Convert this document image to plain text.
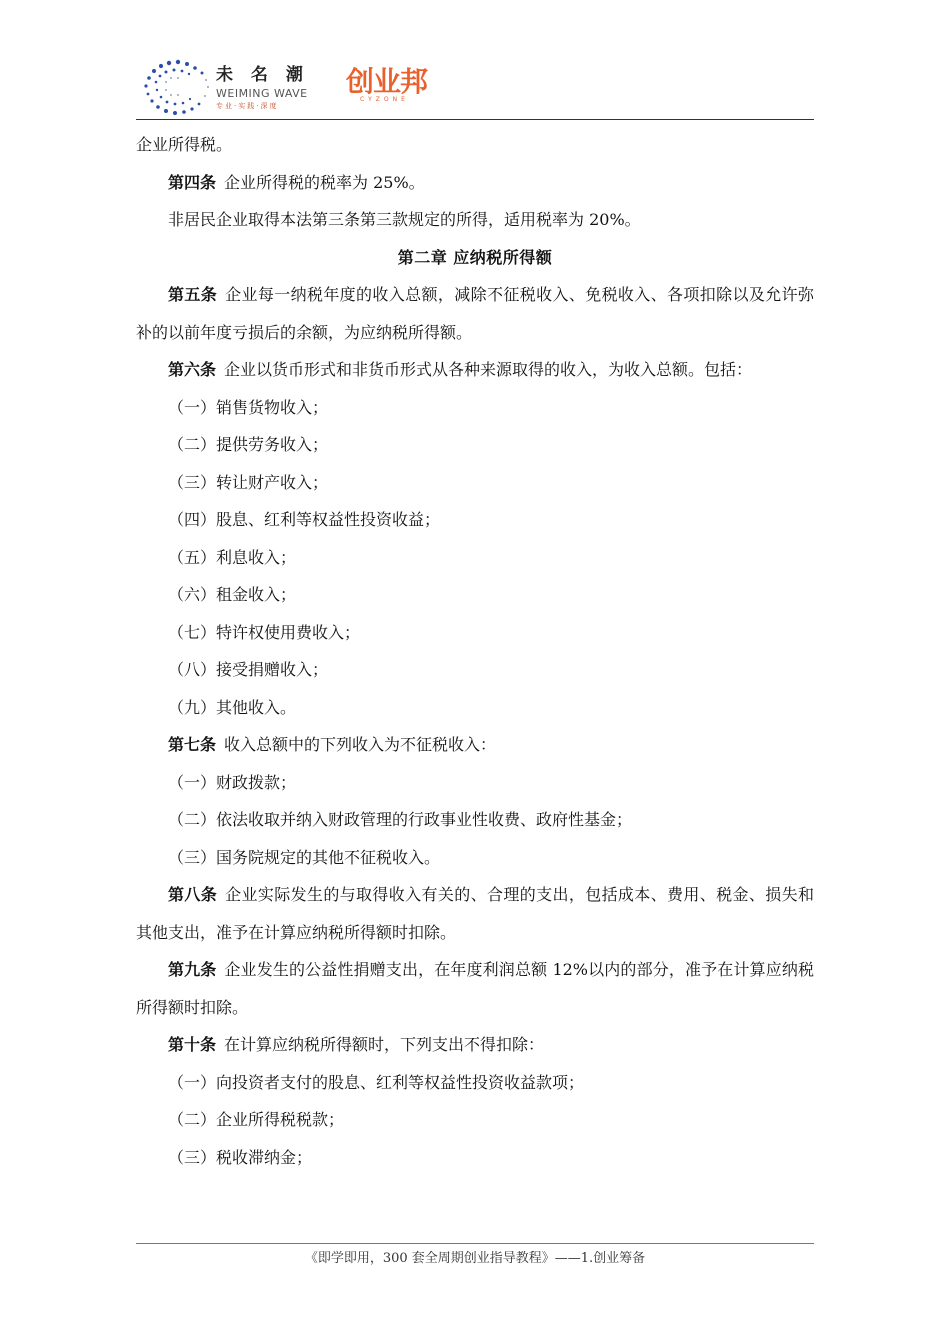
未 名 潮
WEIMING WAVE
专业·实践·深度
创业邦
CYZONE

企业所得税。

第四条 企业所得税的税率为 25%。

非居民企业取得本法第三条第三款规定的所得，适用税率为 20%。

第二章 应纳税所得额

第五条 企业每一纳税年度的收入总额，减除不征税收入、免税收入、各项扣除以及允许弥补的以前年度亏损后的余额，为应纳税所得额。

第六条 企业以货币形式和非货币形式从各种来源取得的收入，为收入总额。包括：

（一）销售货物收入；

（二）提供劳务收入；

（三）转让财产收入；

（四）股息、红利等权益性投资收益；

（五）利息收入；

（六）租金收入；

（七）特许权使用费收入；

（八）接受捐赠收入；

（九）其他收入。

第七条 收入总额中的下列收入为不征税收入：

（一）财政拨款；

（二）依法收取并纳入财政管理的行政事业性收费、政府性基金；

（三）国务院规定的其他不征税收入。

第八条 企业实际发生的与取得收入有关的、合理的支出，包括成本、费用、税金、损失和其他支出，准予在计算应纳税所得额时扣除。

第九条 企业发生的公益性捐赠支出，在年度利润总额 12%以内的部分，准予在计算应纳税所得额时扣除。

第十条 在计算应纳税所得额时，下列支出不得扣除：

（一）向投资者支付的股息、红利等权益性投资收益款项；

（二）企业所得税税款；

（三）税收滞纳金；

《即学即用，300 套全周期创业指导教程》——1.创业筹备
